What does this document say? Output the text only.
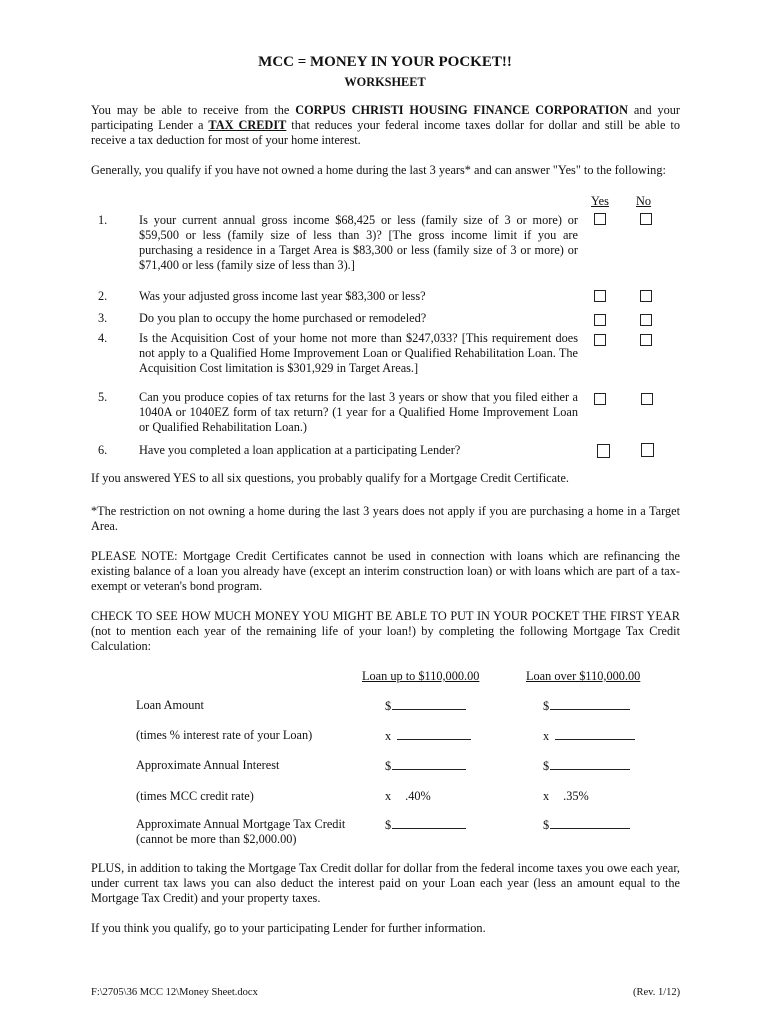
MCC = MONEY IN YOUR POCKET!!
WORKSHEET
You may be able to receive from the CORPUS CHRISTI HOUSING FINANCE CORPORATION and your participating Lender a TAX CREDIT that reduces your federal income taxes dollar for dollar and still be able to receive a tax deduction for most of your home interest.
Generally, you qualify if you have not owned a home during the last 3 years* and can answer "Yes" to the following:
Yes No
1.	Is your current annual gross income $68,425 or less (family size of 3 or more) or $59,500 or less (family size of less than 3)? [The gross income limit if you are purchasing a residence in a Target Area is $83,300 or less (family size of 3 or more) or $71,400 or less (family size of less than 3).]
2.	Was your adjusted gross income last year $83,300 or less?
3.	Do you plan to occupy the home purchased or remodeled?
4.	Is the Acquisition Cost of your home not more than $247,033? [This requirement does not apply to a Qualified Home Improvement Loan or Qualified Rehabilitation Loan. The Acquisition Cost limitation is $301,929 in Target Areas.]
5.	Can you produce copies of tax returns for the last 3 years or show that you filed either a 1040A or 1040EZ form of tax return? (1 year for a Qualified Home Improvement Loan or Qualified Rehabilitation Loan.)
6.	Have you completed a loan application at a participating Lender?
If you answered YES to all six questions, you probably qualify for a Mortgage Credit Certificate.
*The restriction on not owning a home during the last 3 years does not apply if you are purchasing a home in a Target Area.
PLEASE NOTE: Mortgage Credit Certificates cannot be used in connection with loans which are refinancing the existing balance of a loan you already have (except an interim construction loan) or with loans which are part of a tax-exempt or veteran's bond program.
CHECK TO SEE HOW MUCH MONEY YOU MIGHT BE ABLE TO PUT IN YOUR POCKET THE FIRST YEAR (not to mention each year of the remaining life of your loan!) by completing the following Mortgage Tax Credit Calculation:
Loan up to $110,000.00	Loan over $110,000.00
Loan Amount	$	$
(times % interest rate of your Loan)	x	x
Approximate Annual Interest	$	$
(times MCC credit rate)	x .40%	x .35%
Approximate Annual Mortgage Tax Credit
(cannot be more than $2,000.00)
$	$
PLUS, in addition to taking the Mortgage Tax Credit dollar for dollar from the federal income taxes you owe each year, under current tax laws you can also deduct the interest paid on your Loan each year (less an amount equal to the Mortgage Tax Credit) and your property taxes.
If you think you qualify, go to your participating Lender for further information.
F:\2705\36 MCC 12\Money Sheet.docx	(Rev. 1/12)
